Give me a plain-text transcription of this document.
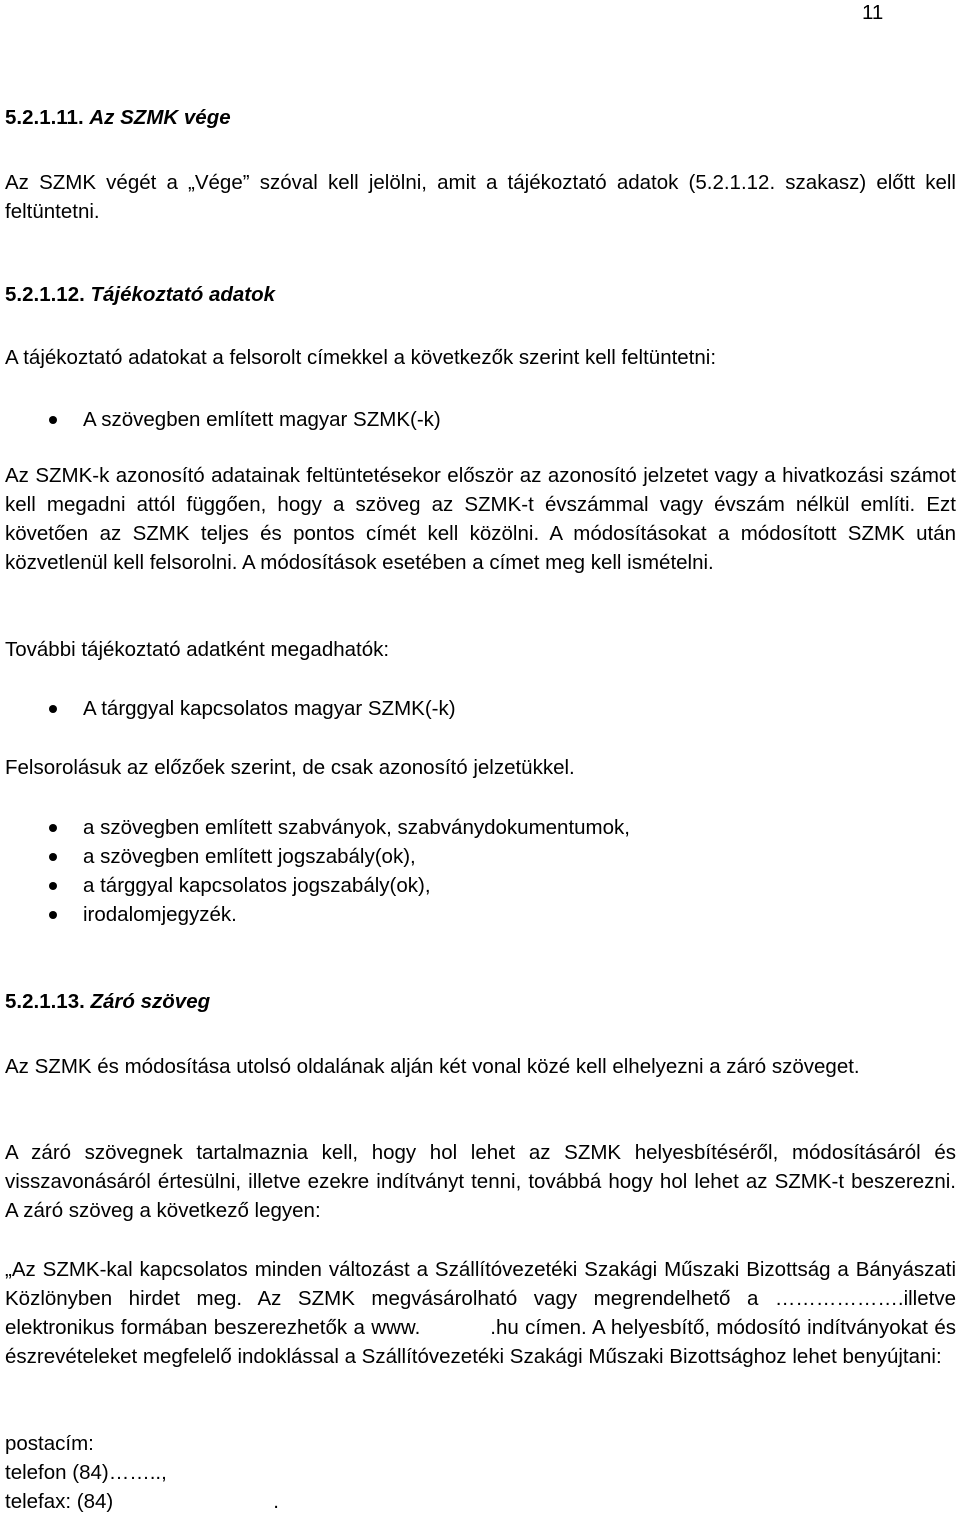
11
5.2.1.11. Az SZMK vége
Az SZMK végét a „Vége” szóval kell jelölni, amit a tájékoztató adatok (5.2.1.12. szakasz) előtt kell feltüntetni.
5.2.1.12. Tájékoztató adatok
A tájékoztató adatokat a felsorolt címekkel a következők szerint kell feltüntetni:
A szövegben említett magyar SZMK(-k)
Az SZMK-k azonosító adatainak feltüntetésekor először az azonosító jelzetet vagy a hivatkozási számot kell megadni attól függően, hogy a szöveg az SZMK-t évszámmal vagy évszám nélkül említi. Ezt követően az SZMK teljes és pontos címét kell közölni. A módosításokat a módosított SZMK után közvetlenül kell felsorolni. A módosítások esetében a címet meg kell ismételni.
További tájékoztató adatként megadhatók:
A tárggyal kapcsolatos magyar SZMK(-k)
Felsorolásuk az előzőek szerint, de csak azonosító jelzetükkel.
a szövegben említett szabványok, szabványdokumentumok,
a szövegben említett jogszabály(ok),
a tárggyal kapcsolatos jogszabály(ok),
irodalomjegyzék.
5.2.1.13. Záró szöveg
Az SZMK és módosítása utolsó oldalának alján két vonal közé kell elhelyezni a záró szöveget.
A záró szövegnek tartalmaznia kell, hogy hol lehet az SZMK helyesbítéséről, módosításáról és visszavonásáról értesülni, illetve ezekre indítványt tenni, továbbá hogy hol lehet az SZMK-t beszerezni. A záró szöveg a következő legyen:
„Az SZMK-kal kapcsolatos minden változást a Szállítóvezetéki Szakági Műszaki Bizottság a Bányászati Közlönyben hirdet meg. Az SZMK megvásárolható vagy megrendelhető a ……………….illetve elektronikus formában beszerezhetők a www.	.hu címen. A helyesbítő, módosító indítványokat és észrevételeket megfelelő indoklással a Szállítóvezetéki Szakági Műszaki Bizottsághoz lehet benyújtani:
postacím:
telefon (84)……..,
telefax: (84)	.
